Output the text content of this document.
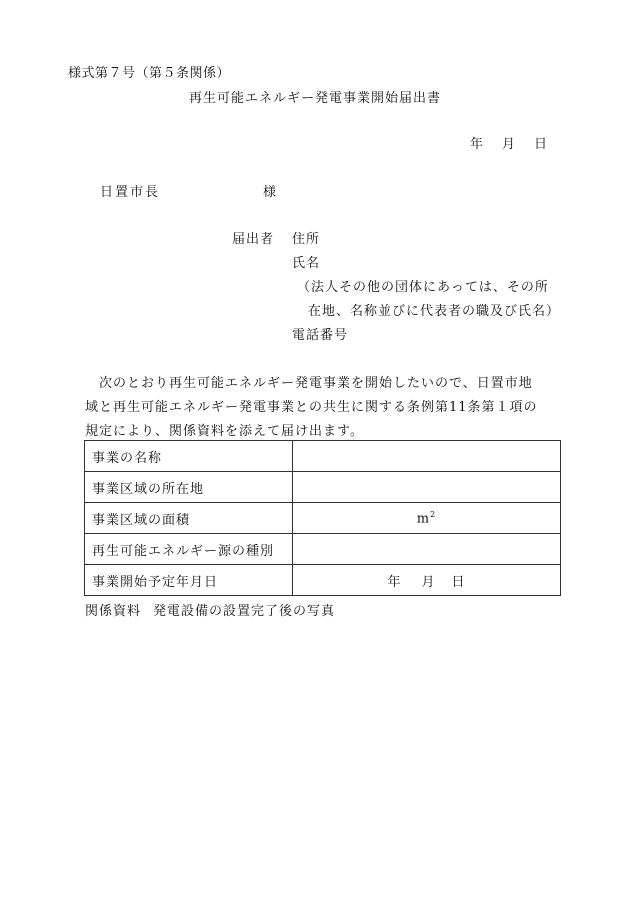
様式第７号（第５条関係）
再生可能エネルギー発電事業開始届出書
年 月 日
日置市長	様
届出者 住所
氏名
（法人その他の団体にあっては、その所
在地、名称並びに代表者の職及び氏名）
電話番号
次のとおり再生可能エネルギー発電事業を開始したいので、日置市地
域と再生可能エネルギー発電事業との共生に関する条例第11条第１項の
規定により、関係資料を添えて届け出ます。
事業の名称	
事業区域の所在地	
事業区域の面積	$m^2$
再生可能エネルギー源の種別	
事業開始予定年月日	年 月 日
関係資料 発電設備の設置完了後の写真
